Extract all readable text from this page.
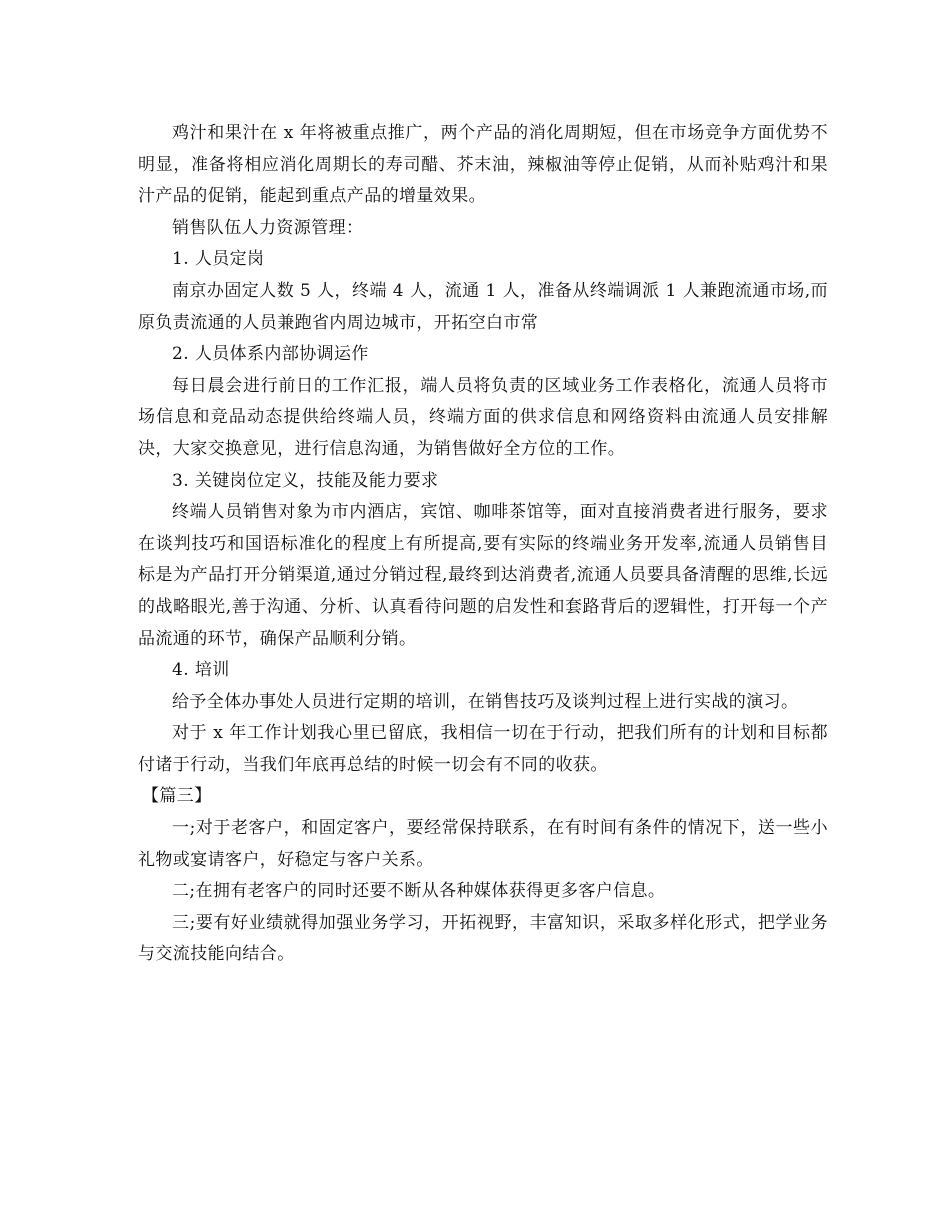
鸡汁和果汁在 x 年将被重点推广，两个产品的消化周期短，但在市场竞争方面优势不明显，准备将相应消化周期长的寿司醋、芥末油，辣椒油等停止促销，从而补贴鸡汁和果汁产品的促销，能起到重点产品的增量效果。

销售队伍人力资源管理：

1. 人员定岗

南京办固定人数 5 人，终端 4 人，流通 1 人，准备从终端调派 1 人兼跑流通市场,而原负责流通的人员兼跑省内周边城市，开拓空白市常

2. 人员体系内部协调运作

每日晨会进行前日的工作汇报，端人员将负责的区域业务工作表格化，流通人员将市场信息和竞品动态提供给终端人员，终端方面的供求信息和网络资料由流通人员安排解决，大家交换意见，进行信息沟通，为销售做好全方位的工作。

3. 关键岗位定义，技能及能力要求

终端人员销售对象为市内酒店，宾馆、咖啡茶馆等，面对直接消费者进行服务，要求在谈判技巧和国语标准化的程度上有所提高,要有实际的终端业务开发率,流通人员销售目标是为产品打开分销渠道,通过分销过程,最终到达消费者,流通人员要具备清醒的思维,长远的战略眼光,善于沟通、分析、认真看待问题的启发性和套路背后的逻辑性，打开每一个产品流通的环节，确保产品顺利分销。

4. 培训

给予全体办事处人员进行定期的培训，在销售技巧及谈判过程上进行实战的演习。

对于 x 年工作计划我心里已留底，我相信一切在于行动，把我们所有的计划和目标都付诸于行动，当我们年底再总结的时候一切会有不同的收获。

【篇三】

一;对于老客户，和固定客户，要经常保持联系，在有时间有条件的情况下，送一些小礼物或宴请客户，好稳定与客户关系。

二;在拥有老客户的同时还要不断从各种媒体获得更多客户信息。

三;要有好业绩就得加强业务学习，开拓视野，丰富知识，采取多样化形式，把学业务与交流技能向结合。
